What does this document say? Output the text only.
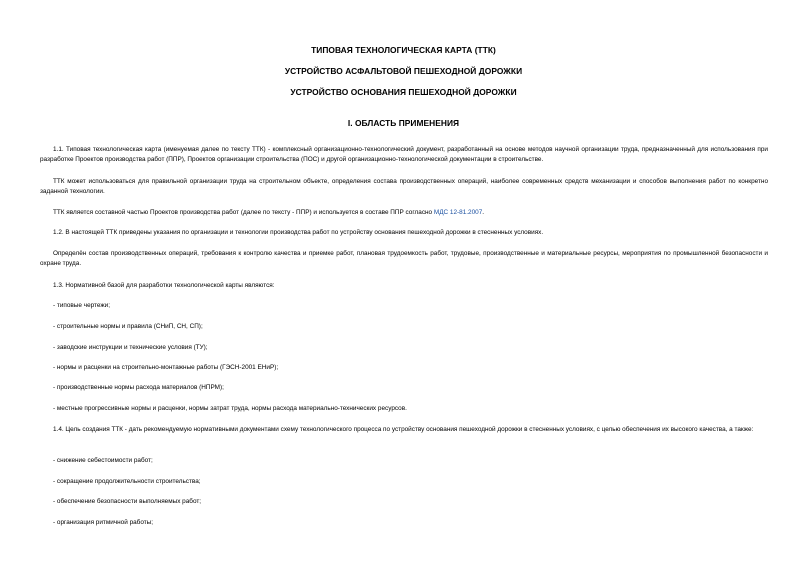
ТИПОВАЯ ТЕХНОЛОГИЧЕСКАЯ КАРТА (ТТК)
УСТРОЙСТВО АСФАЛЬТОВОЙ ПЕШЕХОДНОЙ ДОРОЖКИ
УСТРОЙСТВО ОСНОВАНИЯ ПЕШЕХОДНОЙ ДОРОЖКИ
I. ОБЛАСТЬ ПРИМЕНЕНИЯ

1.1. Типовая технологическая карта (именуемая далее по тексту ТТК) - комплексный организационно-технологический документ, разработанный на основе методов научной организации труда, предназначенный для использования при разработке Проектов производства работ (ППР), Проектов организации строительства (ПОС) и другой организационно-технологической документации в строительстве.

ТТК может использоваться для правильной организации труда на строительном объекте, определения состава производственных операций, наиболее современных средств механизации и способов выполнения работ по конкретно заданной технологии.

ТТК является составной частью Проектов производства работ (далее по тексту - ППР) и используется в составе ППР согласно МДС 12-81.2007.

1.2. В настоящей ТТК приведены указания по организации и технологии производства работ по устройству основания пешеходной дорожки в стесненных условиях.

Определён состав производственных операций, требования к контролю качества и приемке работ, плановая трудоемкость работ, трудовые, производственные и материальные ресурсы, мероприятия по промышленной безопасности и охране труда.

1.3. Нормативной базой для разработки технологической карты являются:

- типовые чертежи;

- строительные нормы и правила (СНиП, СН, СП);

- заводские инструкции и технические условия (ТУ);

- нормы и расценки на строительно-монтажные работы (ГЭСН-2001 ЕНиР);

- производственные нормы расхода материалов (НПРМ);

- местные прогрессивные нормы и расценки, нормы затрат труда, нормы расхода материально-технических ресурсов.

1.4. Цель создания ТТК - дать рекомендуемую нормативными документами схему технологического процесса по устройству основания пешеходной дорожки в стесненных условиях, с целью обеспечения их высокого качества, а также:

- снижение себестоимости работ;

- сокращение продолжительности строительства;

- обеспечение безопасности выполняемых работ;

- организация ритмичной работы;
